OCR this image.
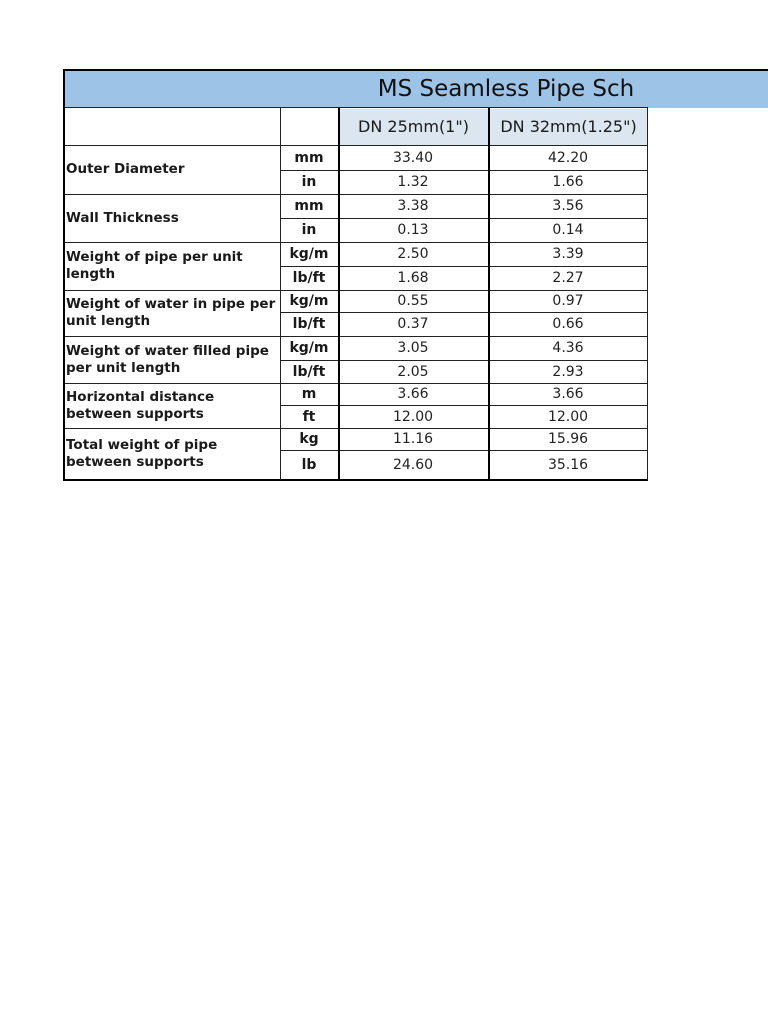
MS Seamless Pipe Sch
DN 25mm(1")	DN 32mm(1.25")
Outer Diameter
mm	33.40	42.20
in	1.32	1.66
Wall Thickness
mm	3.38	3.56
in	0.13	0.14
Weight of pipe per unit length
kg/m	2.50	3.39
lb/ft	1.68	2.27
Weight of water in pipe per unit length
kg/m	0.55	0.97
lb/ft	0.37	0.66
Weight of water filled pipe per unit length
kg/m	3.05	4.36
lb/ft	2.05	2.93
Horizontal distance between supports
m	3.66	3.66
ft	12.00	12.00
Total weight of pipe between supports
kg	11.16	15.96
lb	24.60	35.16
